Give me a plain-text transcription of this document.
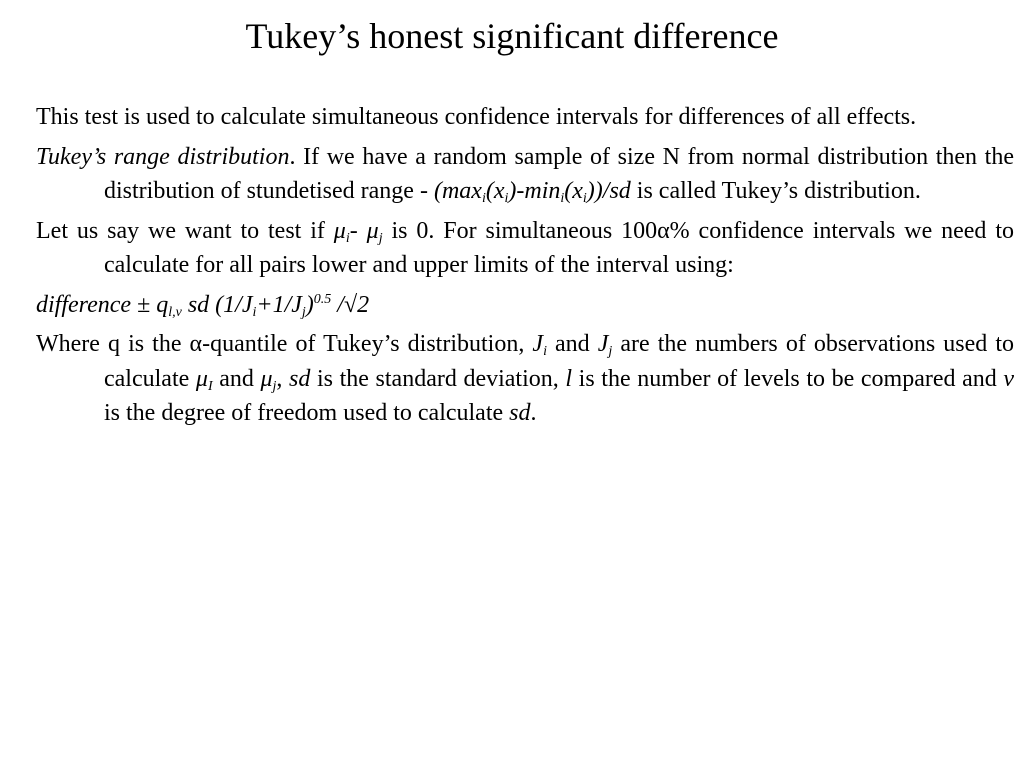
Tukey’s honest significant difference

This test is used to calculate simultaneous confidence intervals for differences of all effects.

Tukey’s range distribution. If we have a random sample of size N from normal distribution then the distribution of stundetised range - $(\max_i(x_i)-\min_i(x_i))/sd$ is called Tukey’s distribution.

Let us say we want to test if $\mu_i-$ $\mu_j$ is 0. For simultaneous 100α% confidence intervals we need to calculate for all pairs lower and upper limits of the interval using:

difference ± $q_{l,\nu}$ sd $(1/J_i+1/J_j)^{0.5}$ /√2

Where q is the α-quantile of Tukey’s distribution, $J_i$ and $J_j$ are the numbers of observations used to calculate $\mu_I$ and $\mu_j$, sd is the standard deviation, l is the number of levels to be compared and ν is the degree of freedom used to calculate sd.
